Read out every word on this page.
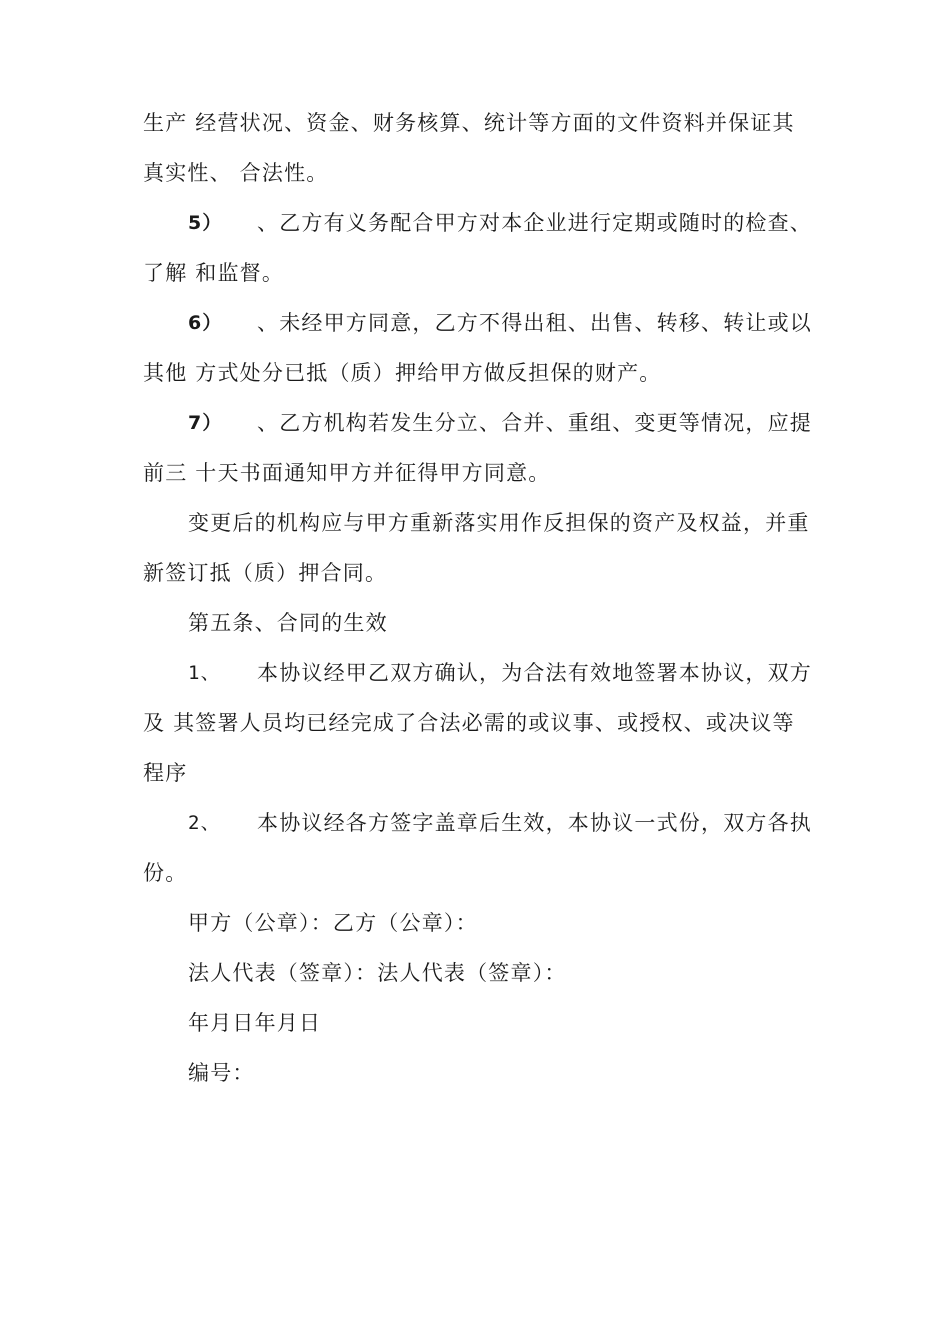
生产 经营状况、资金、财务核算、统计等方面的文件资料并保证其
真实性、 合法性。
5） 、乙方有义务配合甲方对本企业进行定期或随时的检查、
了解 和监督。
6） 、未经甲方同意，乙方不得出租、出售、转移、转让或以
其他 方式处分已抵（质）押给甲方做反担保的财产。
7） 、乙方机构若发生分立、合并、重组、变更等情况，应提
前三 十天书面通知甲方并征得甲方同意。
变更后的机构应与甲方重新落实用作反担保的资产及权益，并重
新签订抵（质）押合同。
第五条、合同的生效
1、 本协议经甲乙双方确认，为合法有效地签署本协议，双方
及 其签署人员均已经完成了合法必需的或议事、或授权、或决议等
程序
2、 本协议经各方签字盖章后生效，本协议一式份，双方各执
份。
甲方（公章）：乙方（公章）：
法人代表（签章）：法人代表（签章）：
年月日年月日
编号：
